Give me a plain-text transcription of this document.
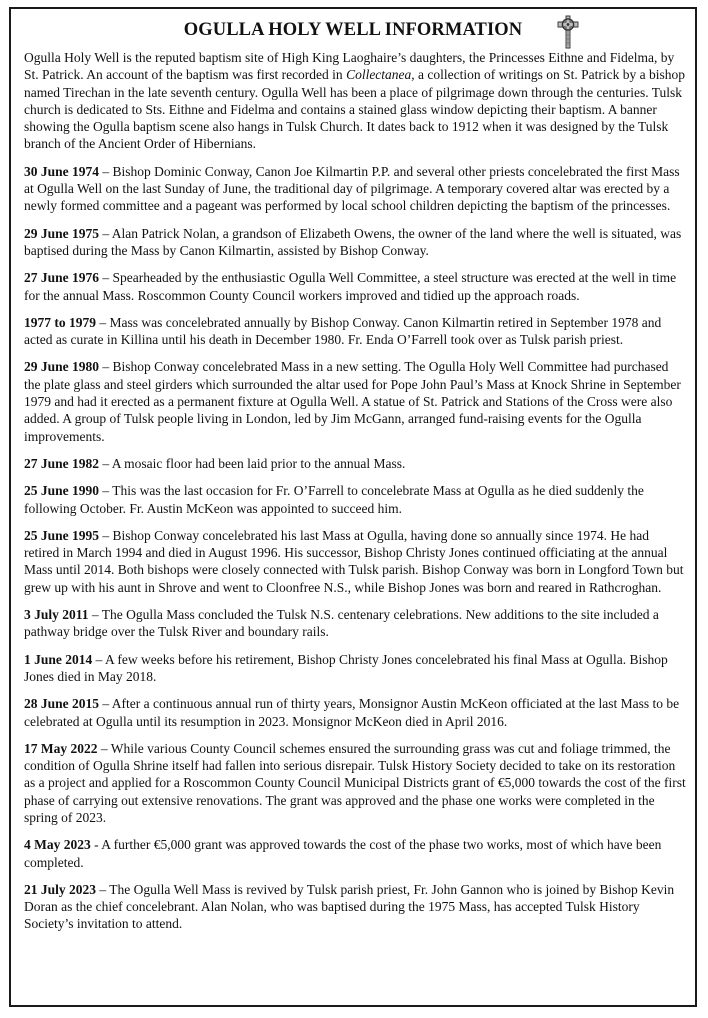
OGULLA HOLY WELL INFORMATION

Ogulla Holy Well is the reputed baptism site of High King Laoghaire’s daughters, the Princesses Eithne and Fidelma, by St. Patrick. An account of the baptism was first recorded in Collectanea, a collection of writings on St. Patrick by a bishop named Tirechan in the late seventh century. Ogulla Well has been a place of pilgrimage down through the centuries. Tulsk church is dedicated to Sts. Eithne and Fidelma and contains a stained glass window depicting their baptism. A banner showing the Ogulla baptism scene also hangs in Tulsk Church. It dates back to 1912 when it was designed by the Tulsk branch of the Ancient Order of Hibernians.

30 June 1974 – Bishop Dominic Conway, Canon Joe Kilmartin P.P. and several other priests concelebrated the first Mass at Ogulla Well on the last Sunday of June, the traditional day of pilgrimage. A temporary covered altar was erected by a newly formed committee and a pageant was performed by local school children depicting the baptism of the princesses.

29 June 1975 – Alan Patrick Nolan, a grandson of Elizabeth Owens, the owner of the land where the well is situated, was baptised during the Mass by Canon Kilmartin, assisted by Bishop Conway.

27 June 1976 – Spearheaded by the enthusiastic Ogulla Well Committee, a steel structure was erected at the well in time for the annual Mass. Roscommon County Council workers improved and tidied up the approach roads.

1977 to 1979 – Mass was concelebrated annually by Bishop Conway. Canon Kilmartin retired in September 1978 and acted as curate in Killina until his death in December 1980. Fr. Enda O’Farrell took over as Tulsk parish priest.

29 June 1980 – Bishop Conway concelebrated Mass in a new setting. The Ogulla Holy Well Committee had purchased the plate glass and steel girders which surrounded the altar used for Pope John Paul’s Mass at Knock Shrine in September 1979 and had it erected as a permanent fixture at Ogulla Well. A statue of St. Patrick and Stations of the Cross were also added. A group of Tulsk people living in London, led by Jim McGann, arranged fund-raising events for the Ogulla improvements.

27 June 1982 – A mosaic floor had been laid prior to the annual Mass.

25 June 1990 – This was the last occasion for Fr. O’Farrell to concelebrate Mass at Ogulla as he died suddenly the following October. Fr. Austin McKeon was appointed to succeed him.

25 June 1995 – Bishop Conway concelebrated his last Mass at Ogulla, having done so annually since 1974. He had retired in March 1994 and died in August 1996. His successor, Bishop Christy Jones continued officiating at the annual Mass until 2014. Both bishops were closely connected with Tulsk parish. Bishop Conway was born in Longford Town but grew up with his aunt in Shrove and went to Cloonfree N.S., while Bishop Jones was born and reared in Rathcroghan.

3 July 2011 – The Ogulla Mass concluded the Tulsk N.S. centenary celebrations. New additions to the site included a pathway bridge over the Tulsk River and boundary rails.

1 June 2014 – A few weeks before his retirement, Bishop Christy Jones concelebrated his final Mass at Ogulla. Bishop Jones died in May 2018.

28 June 2015 – After a continuous annual run of thirty years, Monsignor Austin McKeon officiated at the last Mass to be celebrated at Ogulla until its resumption in 2023. Monsignor McKeon died in April 2016.

17 May 2022 – While various County Council schemes ensured the surrounding grass was cut and foliage trimmed, the condition of Ogulla Shrine itself had fallen into serious disrepair. Tulsk History Society decided to take on its restoration as a project and applied for a Roscommon County Council Municipal Districts grant of €5,000 towards the cost of the first phase of carrying out extensive renovations. The grant was approved and the phase one works were completed in the spring of 2023.

4 May 2023 - A further €5,000 grant was approved towards the cost of the phase two works, most of which have been completed.

21 July 2023 – The Ogulla Well Mass is revived by Tulsk parish priest, Fr. John Gannon who is joined by Bishop Kevin Doran as the chief concelebrant. Alan Nolan, who was baptised during the 1975 Mass, has accepted Tulsk History Society’s invitation to attend.
